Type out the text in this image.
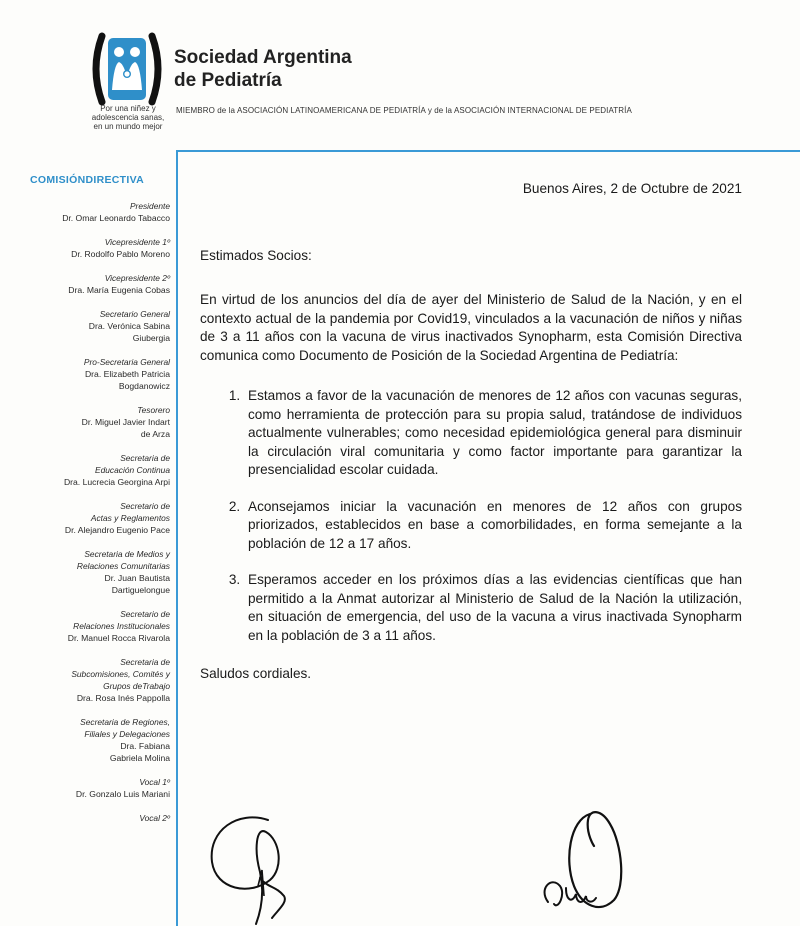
Sociedad Argentina
de Pediatría
Por una niñez y
adolescencia sanas,
en un mundo mejor
MIEMBRO de la ASOCIACIÓN LATINOAMERICANA DE PEDIATRÍA y de la ASOCIACIÓN INTERNACIONAL DE PEDIATRÍA
COMISIÓNDIRECTIVA
Presidente
Dr. Omar Leonardo Tabacco
Vicepresidente 1º
Dr. Rodolfo Pablo Moreno
Vicepresidente 2º
Dra. María Eugenia Cobas
Secretario General
Dra. Verónica Sabina
Giubergia
Pro-Secretaria General
Dra. Elizabeth Patricia
Bogdanowicz
Tesorero
Dr. Miguel Javier Indart
de Arza
Secretaria de
Educación Continua
Dra. Lucrecia Georgina Arpi
Secretario de
Actas y Reglamentos
Dr. Alejandro Eugenio Pace
Secretaria de Medios y
Relaciones Comunitarias
Dr. Juan Bautista
Dartiguelongue
Secretario de
Relaciones Institucionales
Dr. Manuel Rocca Rivarola
Secretaria de
Subcomisiones, Comités y
Grupos deTrabajo
Dra. Rosa Inés Pappolla
Secretaria de Regiones,
Filiales y Delegaciones
Dra. Fabiana
Gabriela Molina
Vocal 1º
Dr. Gonzalo Luis Mariani
Vocal 2º

Buenos Aires, 2 de Octubre de 2021

Estimados Socios:

En virtud de los anuncios del día de ayer del Ministerio de Salud de la Nación, y en el contexto actual de la pandemia por Covid19, vinculados a la vacunación de niños y niñas de 3 a 11 años con la vacuna de virus inactivados Synopharm, esta Comisión Directiva comunica como Documento de Posición de la Sociedad Argentina de Pediatría:

1. Estamos a favor de la vacunación de menores de 12 años con vacunas seguras, como herramienta de protección para su propia salud, tratándose de individuos actualmente vulnerables; como necesidad epidemiológica general para disminuir la circulación viral comunitaria y como factor importante para garantizar la presencialidad escolar cuidada.
2. Aconsejamos iniciar la vacunación en menores de 12 años con grupos priorizados, establecidos en base a comorbilidades, en forma semejante a la población de 12 a 17 años.
3. Esperamos acceder en los próximos días a las evidencias científicas que han permitido a la Anmat autorizar al Ministerio de Salud de la Nación la utilización, en situación de emergencia, del uso de la vacuna a virus inactivada Synopharm en la población de 3 a 11 años.

Saludos cordiales.
